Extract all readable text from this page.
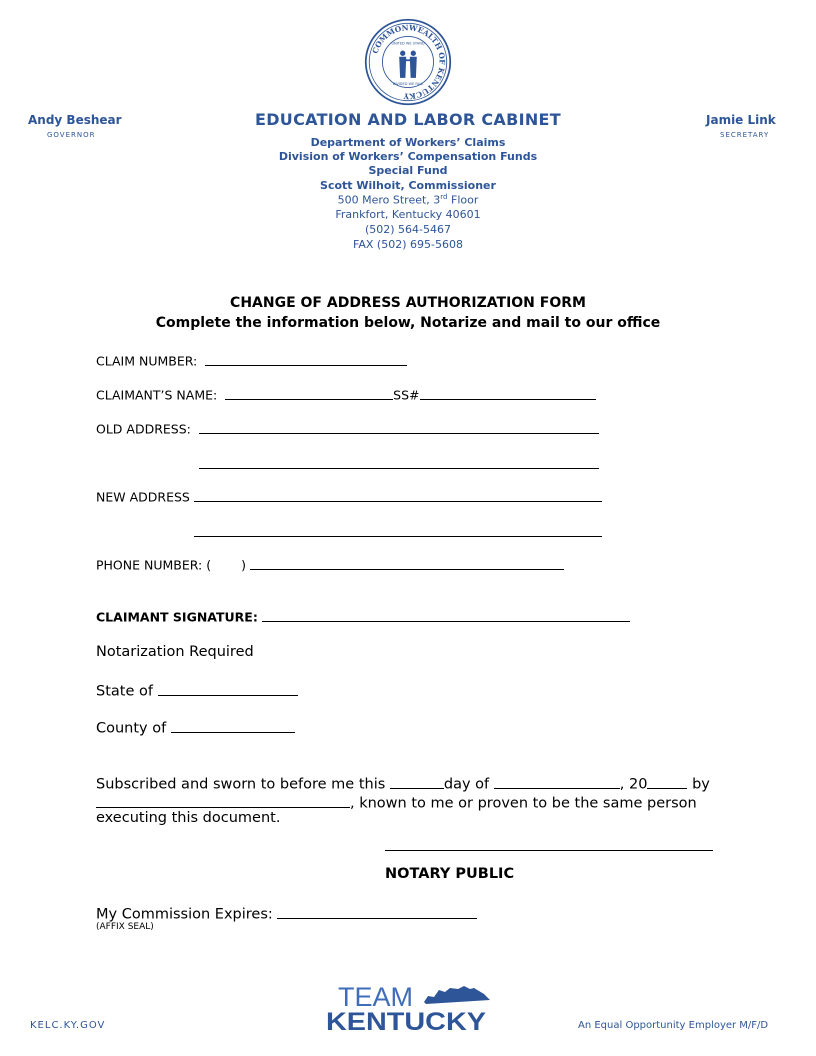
COMMONWEALTH OF KENTUCKY
UNITED WE STAND
DIVIDED WE FALL
Andy Beshear
GOVERNOR
Jamie Link
SECRETARY
EDUCATION AND LABOR CABINET
Department of Workers’ Claims
Division of Workers’ Compensation Funds
Special Fund
Scott Wilhoit, Commissioner
500 Mero Street, 3rd Floor
Frankfort, Kentucky 40601
(502) 564-5467
FAX (502) 695-5608
CHANGE OF ADDRESS AUTHORIZATION FORM
Complete the information below, Notarize and mail to our office
CLAIM NUMBER:
CLAIMANT’S NAME:	SS#
OLD ADDRESS:
NEW ADDRESS
PHONE NUMBER: ( )
CLAIMANT SIGNATURE:
Notarization Required
State of
County of
Subscribed and sworn to before me this	day of	, 20	by
, known to me or proven to be the same person
executing this document.
NOTARY PUBLIC
My Commission Expires:
(AFFIX SEAL)
KELC.KY.GOV
TEAM
KENTUCKY	An Equal Opportunity Employer M/F/D
